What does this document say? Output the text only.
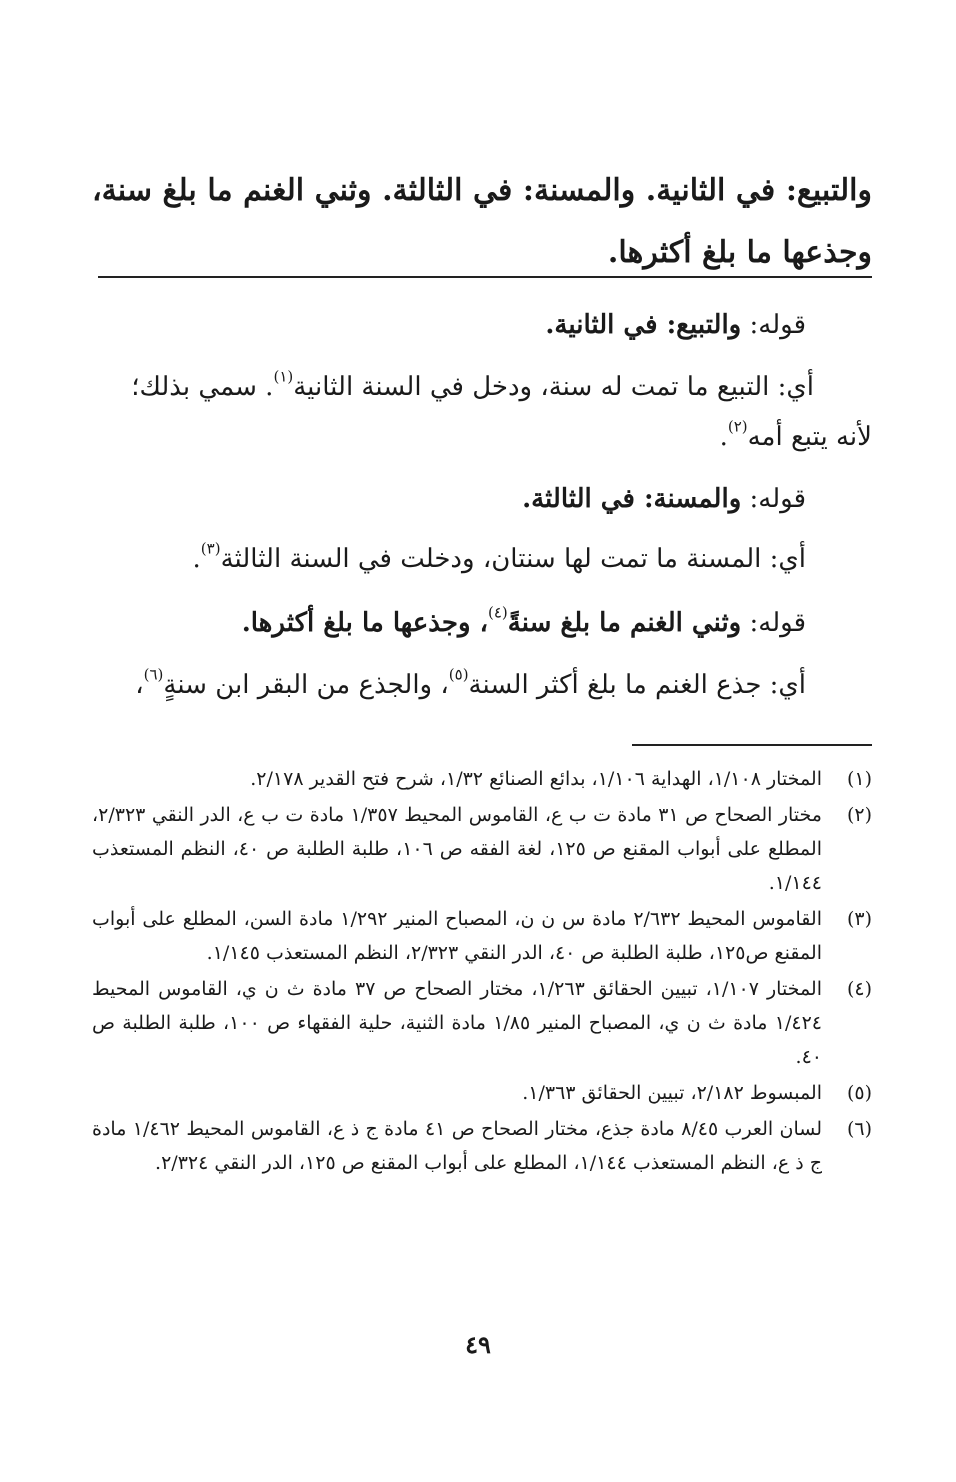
والتبيع: في الثانية. والمسنة: في الثالثة. وثني الغنم ما بلغ سنة، وجذعها ما بلغ أكثرها.
قوله: والتبيع: في الثانية.
أي: التبيع ما تمت له سنة، ودخل في السنة الثانية$^{(١)}$. سمي بذلك؛ لأنه يتبع أمه$^{(٢)}$.
قوله: والمسنة: في الثالثة.
أي: المسنة ما تمت لها سنتان، ودخلت في السنة الثالثة$^{(٣)}$.
قوله: وثني الغنم ما بلغ سنةً$^{(٤)}$، وجذعها ما بلغ أكثرها.
أي: جذع الغنم ما بلغ أكثر السنة$^{(٥)}$، والجذع من البقر ابن سنةٍ$^{(٦)}$،
(١)
المختار ١/١٠٨، الهداية ١/١٠٦، بدائع الصنائع ١/٣٢، شرح فتح القدير ٢/١٧٨.
(٢)
مختار الصحاح ص ٣١ مادة ت ب ع، القاموس المحيط ١/٣٥٧ مادة ت ب ع، الدر النقي ٢/٣٢٣، المطلع على أبواب المقنع ص ١٢٥، لغة الفقه ص ١٠٦، طلبة الطلبة ص ٤٠، النظم المستعذب ١/١٤٤.
(٣)
القاموس المحيط ٢/٦٣٢ مادة س ن ن، المصباح المنير ١/٢٩٢ مادة السن، المطلع على أبواب المقنع ص١٢٥، طلبة الطلبة ص ٤٠، الدر النقي ٢/٣٢٣، النظم المستعذب ١/١٤٥.
(٤)
المختار ١/١٠٧، تبيين الحقائق ١/٢٦٣، مختار الصحاح ص ٣٧ مادة ث ن ي، القاموس المحيط ١/٤٢٤ مادة ث ن ي، المصباح المنير ١/٨٥ مادة الثنية، حلية الفقهاء ص ١٠٠، طلبة الطلبة ص ٤٠.
(٥)
المبسوط ٢/١٨٢، تبيين الحقائق ١/٣٦٣.
(٦)
لسان العرب ٨/٤٥ مادة جذع، مختار الصحاح ص ٤١ مادة ج ذ ع، القاموس المحيط ١/٤٦٢ مادة ج ذ ع، النظم المستعذب ١/١٤٤، المطلع على أبواب المقنع ص ١٢٥، الدر النقي ٢/٣٢٤.
٤٩
